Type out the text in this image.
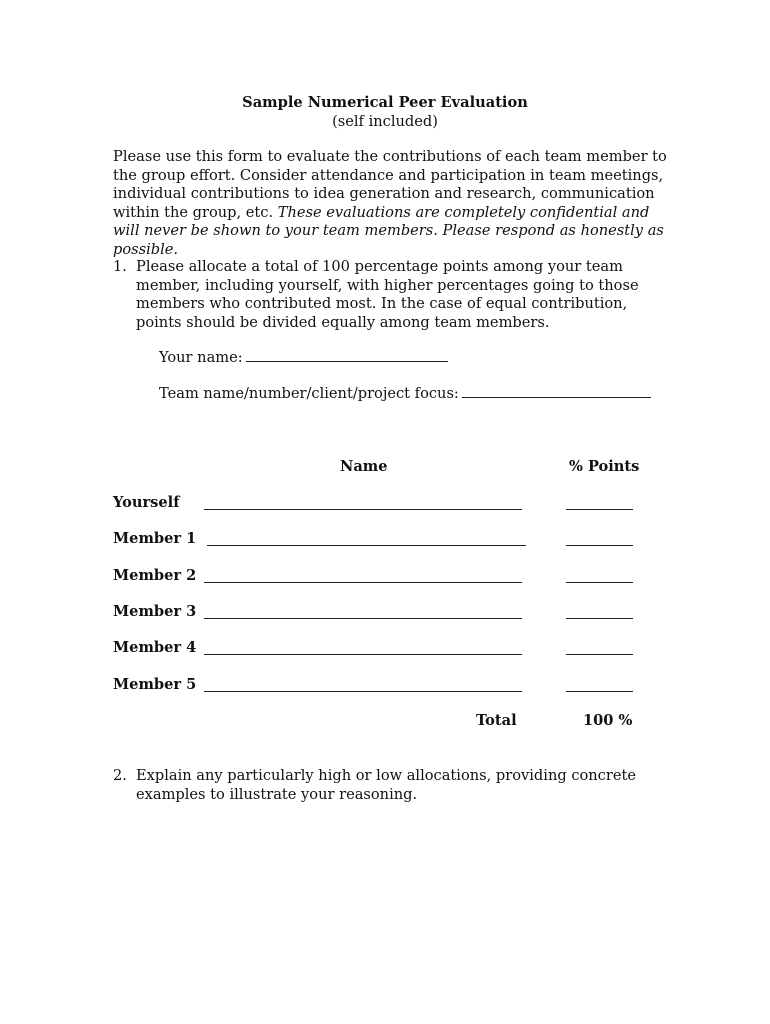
Sample Numerical Peer Evaluation
(self included)
Please use this form to evaluate the contributions of each team member to the group effort. Consider attendance and participation in team meetings, individual contributions to idea generation and research, communication within the group, etc. These evaluations are completely confidential and will never be shown to your team members. Please respond as honestly as possible.
1. Please allocate a total of 100 percentage points among your team member, including yourself, with higher percentages going to those members who contributed most. In the case of equal contribution, points should be divided equally among team members.
Your name:
Team name/number/client/project focus:
Name	% Points
Yourself
Member 1
Member 2
Member 3
Member 4
Member 5
Total	100 %
2. Explain any particularly high or low allocations, providing concrete examples to illustrate your reasoning.
